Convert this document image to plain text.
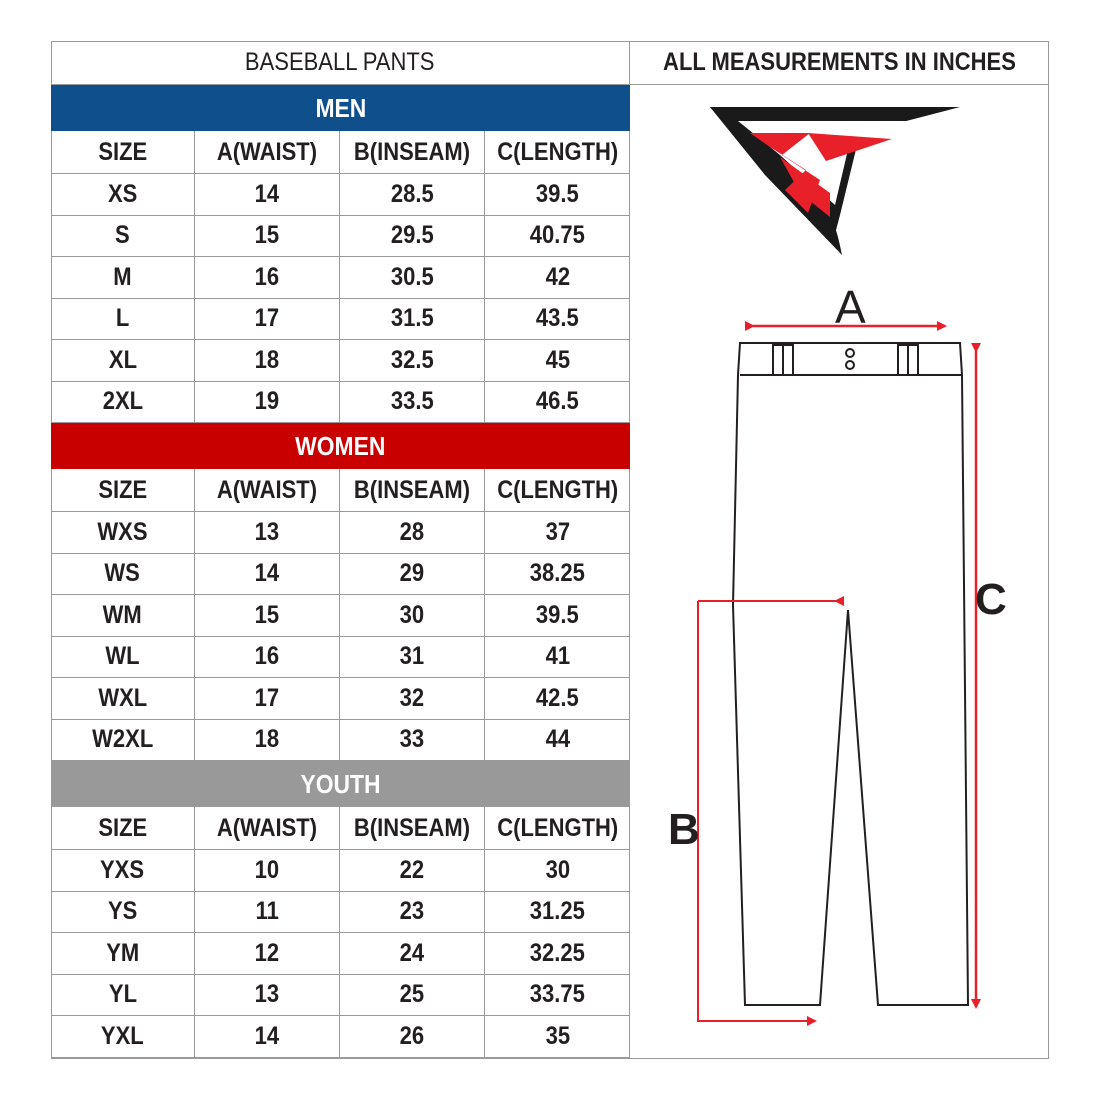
BASEBALL PANTS	ALL MEASUREMENTS IN INCHES
MEN
SIZE	A(WAIST) B(INSEAM) C(LENGTH)
XS	14	28.5	39.5
S	15	29.5	40.75
M	16	30.5	42
L	17	31.5	43.5
XL	18	32.5	45
2XL	19	33.5	46.5
WOMEN
SIZE	A(WAIST) B(INSEAM) C(LENGTH)
WXS	13	28	37
WS	14	29	38.25
WM	15	30	39.5
WL	16	31	41
WXL	17	32	42.5
W2XL	18	33	44
YOUTH
SIZE	A(WAIST) B(INSEAM) C(LENGTH)
YXS	10	22	30
YS	11	23	31.25
YM	12	24	32.25
YL	13	25	33.75
YXL	14	26	35
A
C
B
